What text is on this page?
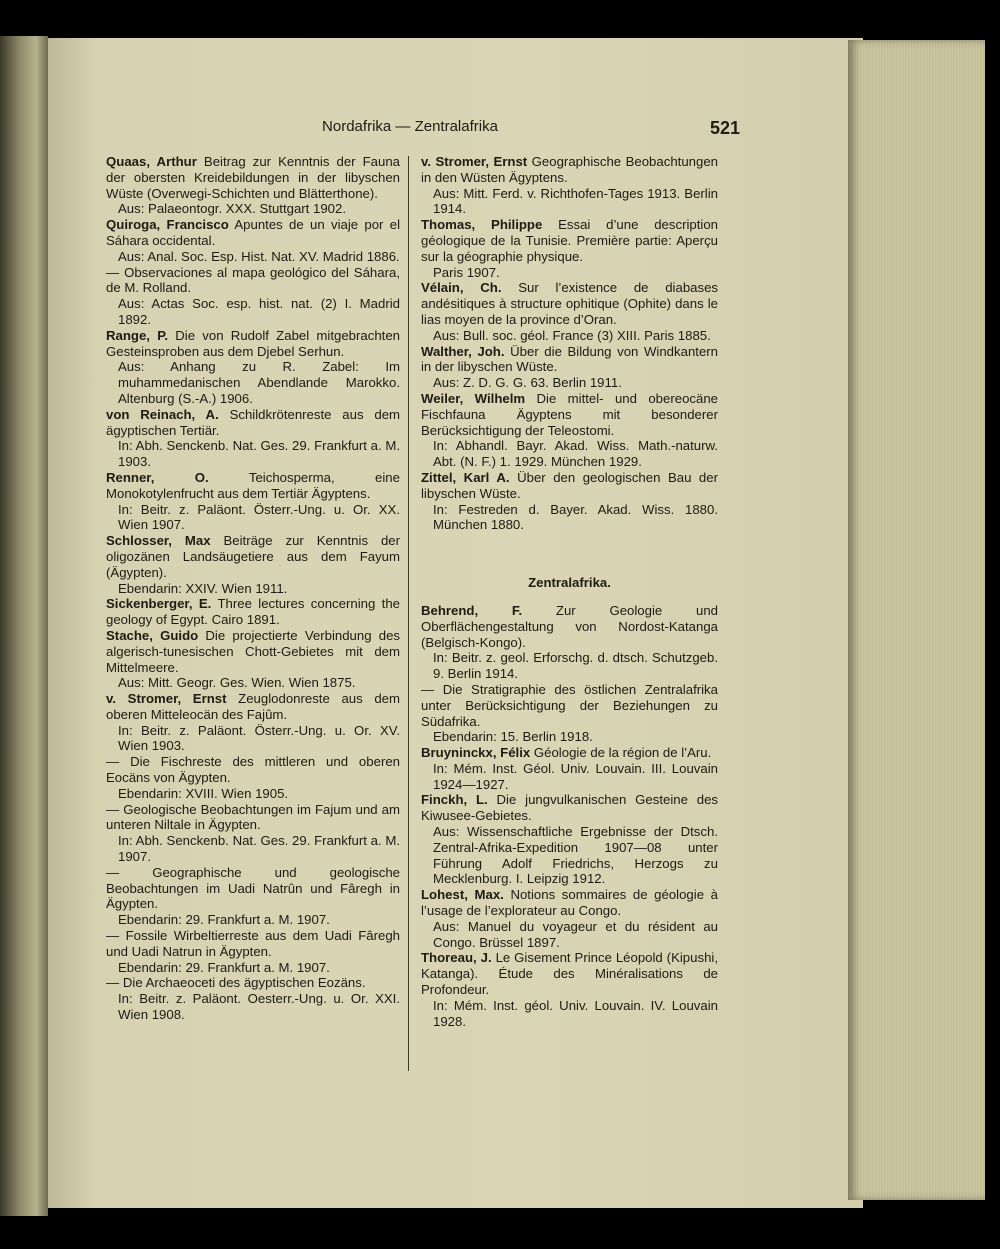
Nordafrika — Zentralafrika	521

Quaas, Arthur Beitrag zur Kenntnis der Fauna der obersten Kreidebildungen in der libyschen Wüste (Overwegi-Schichten und Blätterthone).
Aus: Palaeontogr. XXX. Stuttgart 1902.

Quiroga, Francisco Apuntes de un viaje por el Sáhara occidental.
Aus: Anal. Soc. Esp. Hist. Nat. XV. Madrid 1886.

— Observaciones al mapa geológico del Sáhara, de M. Rolland.
Aus: Actas Soc. esp. hist. nat. (2) I. Madrid 1892.

Range, P. Die von Rudolf Zabel mitgebrachten Gesteinsproben aus dem Djebel Serhun.
Aus: Anhang zu R. Zabel: Im muhammedanischen Abendlande Marokko. Altenburg (S.-A.) 1906.

von Reinach, A. Schildkrötenreste aus dem ägyptischen Tertiär.
In: Abh. Senckenb. Nat. Ges. 29. Frankfurt a. M. 1903.

Renner, O.	Teichosperma, eine Monokotylenfrucht aus dem Tertiär Ägyptens.
In: Beitr. z. Paläont. Österr.-Ung. u. Or. XX. Wien 1907.

Schlosser, Max Beiträge zur Kenntnis der oligozänen Landsäugetiere aus dem Fayum (Ägypten).
Ebendarin: XXIV. Wien 1911.

Sickenberger, E. Three lectures concerning the geology of Egypt. Cairo 1891.

Stache, Guido Die projectierte Verbindung des algerisch-tunesischen Chott-Gebietes mit dem Mittelmeere.
Aus: Mitt. Geogr. Ges. Wien. Wien 1875.

v. Stromer, Ernst Zeuglodonreste aus dem oberen Mitteleocän des Fajûm.
In: Beitr. z. Paläont. Österr.-Ung. u. Or. XV. Wien 1903.

— Die Fischreste des mittleren und oberen Eocäns von Ägypten.
Ebendarin: XVIII. Wien 1905.

— Geologische Beobachtungen im Fajum und am unteren Niltale in Ägypten.
In: Abh. Senckenb. Nat. Ges. 29. Frankfurt a. M. 1907.

—	Geographische und geologische Beobachtungen im Uadi Natrûn und Fâregh in Ägypten.
Ebendarin: 29. Frankfurt a. M. 1907.

— Fossile Wirbeltierreste aus dem Uadi Fâregh und Uadi Natrun in Ägypten.
Ebendarin: 29. Frankfurt a. M. 1907.

— Die Archaeoceti des ägyptischen Eozäns.
In: Beitr. z. Paläont. Oesterr.-Ung. u. Or. XXI. Wien 1908.

v. Stromer, Ernst Geographische Beobachtungen in den Wüsten Ägyptens.
Aus: Mitt. Ferd. v. Richthofen-Tages 1913. Berlin 1914.

Thomas, Philippe Essai d’une description géologique de la Tunisie. Première partie: Aperçu sur la géographie physique.
Paris 1907.

Vélain, Ch. Sur l’existence de diabases andésitiques à structure ophitique (Ophite) dans le lias moyen de la province d’Oran.
Aus: Bull. soc. géol. France (3) XIII. Paris 1885.

Walther, Joh. Über die Bildung von Windkantern in der libyschen Wüste.
Aus: Z. D. G. G. 63. Berlin 1911.

Weiler, Wilhelm Die mittel- und obereocäne Fischfauna Ägyptens mit besonderer Berücksichtigung der Teleostomi.
In: Abhandl. Bayr. Akad. Wiss. Math.-naturw. Abt. (N. F.) 1. 1929. München 1929.

Zittel, Karl A. Über den geologischen Bau der libyschen Wüste.
In: Festreden d. Bayer. Akad. Wiss. 1880. München 1880.

Zentralafrika.

Behrend, F.	Zur Geologie und Oberflächengestaltung von Nordost-Katanga (Belgisch-Kongo).
In: Beitr. z. geol. Erforschg. d. dtsch. Schutzgeb. 9. Berlin 1914.

— Die Stratigraphie des östlichen Zentralafrika unter Berücksichtigung der Beziehungen zu Südafrika.
Ebendarin: 15. Berlin 1918.

Bruyninckx, Félix Géologie de la région de l’Aru.
In: Mém. Inst. Géol. Univ. Louvain. III. Louvain 1924—1927.

Finckh, L. Die jungvulkanischen Gesteine des Kiwusee-Gebietes.
Aus: Wissenschaftliche Ergebnisse der Dtsch. Zentral-Afrika-Expedition 1907—08 unter Führung Adolf Friedrichs, Herzogs zu Mecklenburg. I. Leipzig 1912.

Lohest, Max. Notions sommaires de géologie à l’usage de l’explorateur au Congo.
Aus: Manuel du voyageur et du résident au Congo. Brüssel 1897.

Thoreau, J. Le Gisement Prince Léopold (Kipushi, Katanga). Étude des Minéralisations de Profondeur.
In: Mém. Inst. géol. Univ. Louvain. IV. Louvain 1928.
